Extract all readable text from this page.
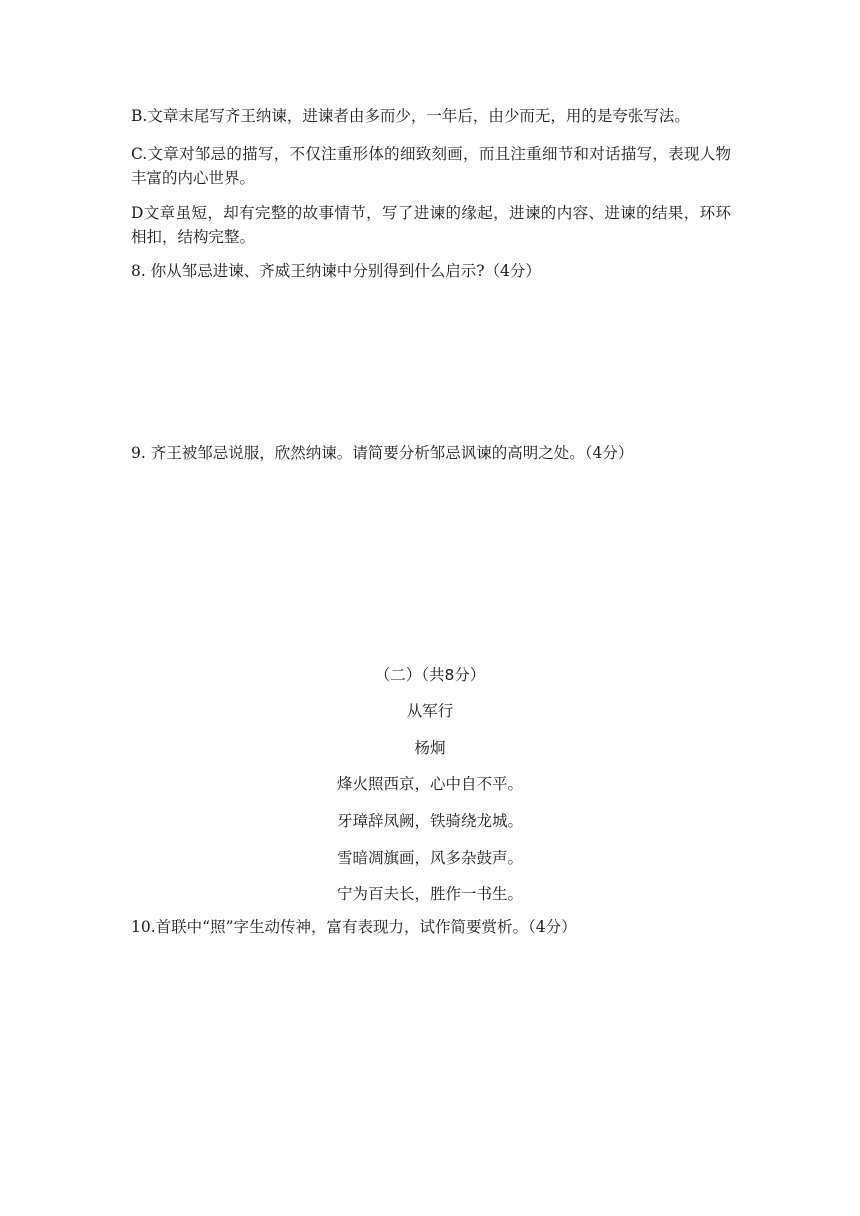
B.文章末尾写齐王纳谏，进谏者由多而少，一年后，由少而无，用的是夸张写法。
C.文章对邹忌的描写，不仅注重形体的细致刻画，而且注重细节和对话描写，表现人物丰富的内心世界。
D文章虽短，却有完整的故事情节，写了进谏的缘起，进谏的内容、进谏的结果，环环相扣，结构完整。
8. 你从邹忌进谏、齐威王纳谏中分别得到什么启示?（4分）
9. 齐王被邹忌说服，欣然纳谏。请简要分析邹忌讽谏的高明之处。（4分）
（二）（共8分）
从军行
杨炯
烽火照西京，心中自不平。
牙璋辞凤阙，铁骑绕龙城。
雪暗凋旗画，风多杂鼓声。
宁为百夫长，胜作一书生。
10.首联中“照”字生动传神，富有表现力，试作简要赏析。（4分）
